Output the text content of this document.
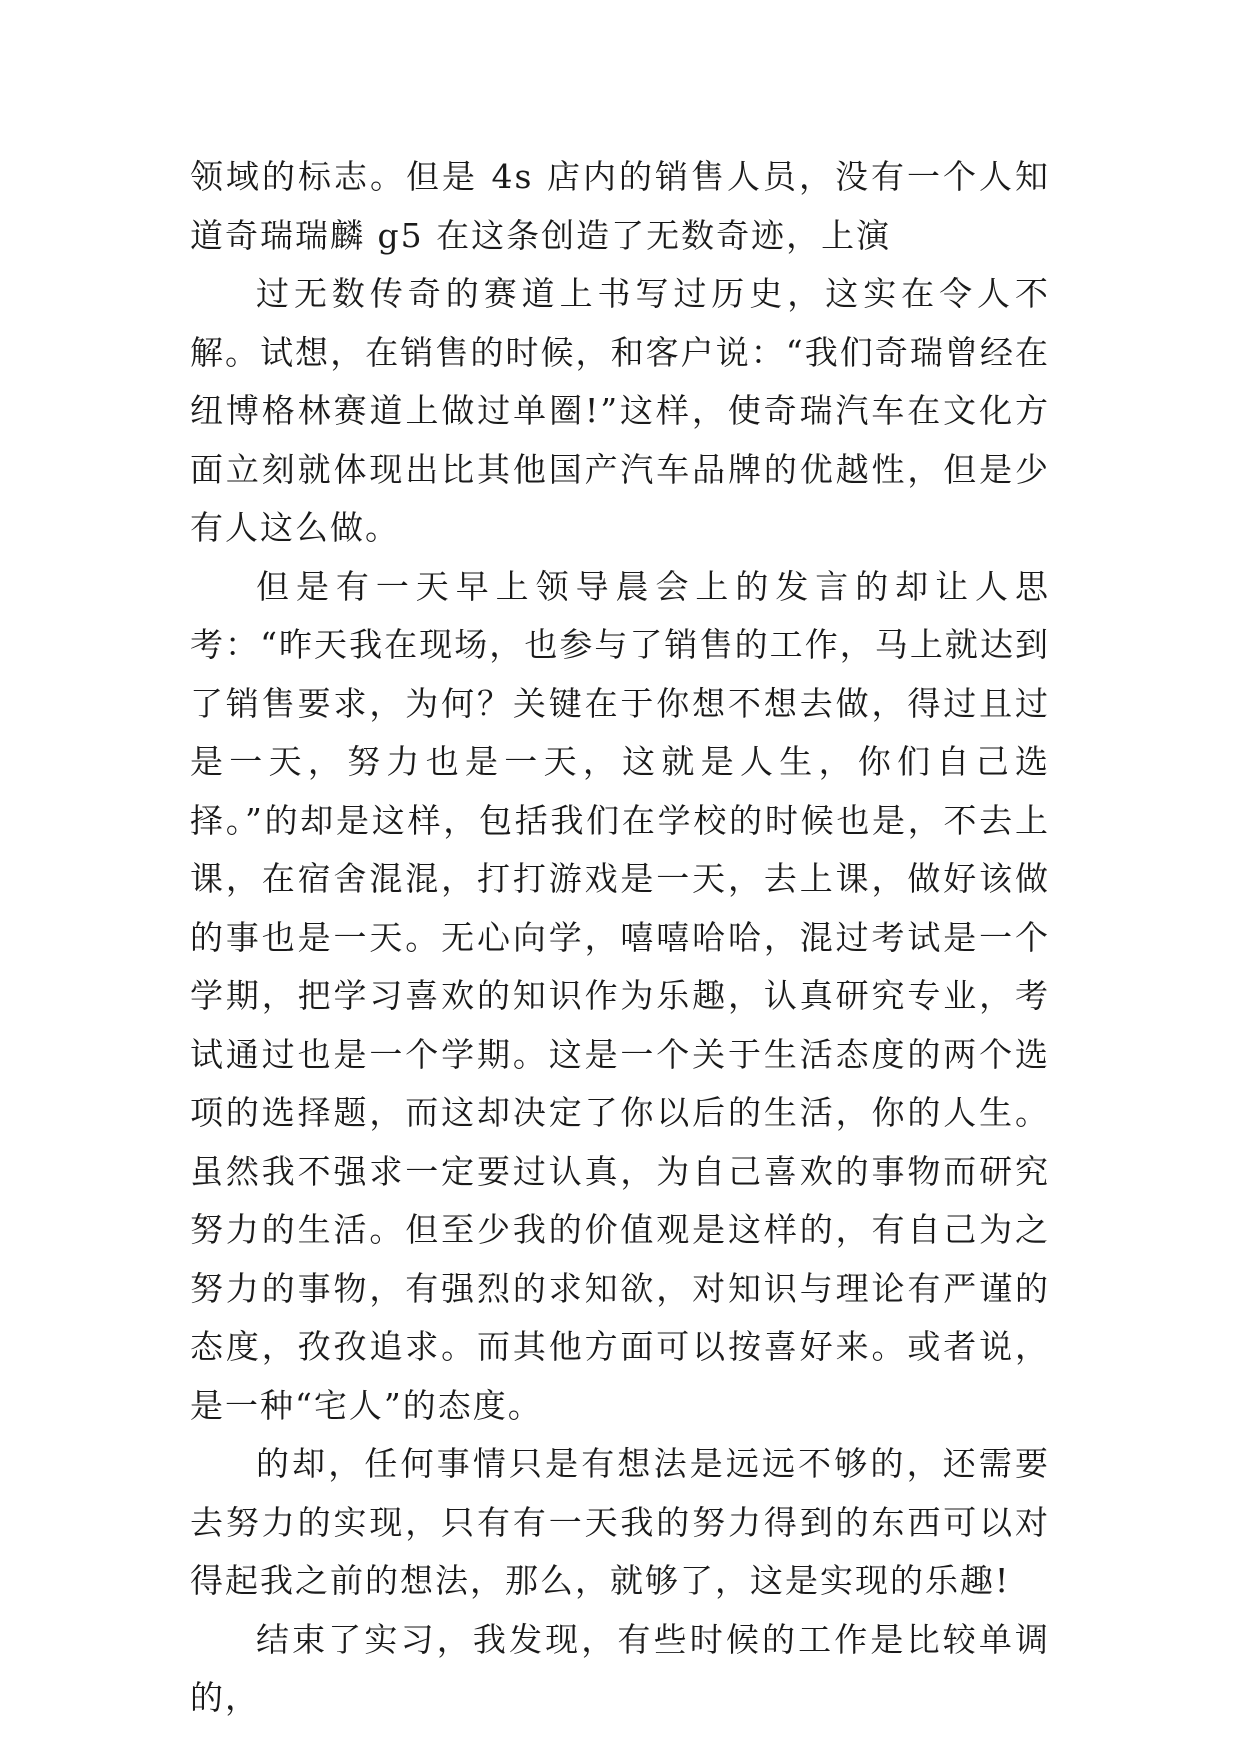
领域的标志。但是 4s 店内的销售人员，没有一个人知道奇瑞瑞麟 g5 在这条创造了无数奇迹，上演

过无数传奇的赛道上书写过历史，这实在令人不解。试想，在销售的时候，和客户说：“我们奇瑞曾经在纽博格林赛道上做过单圈!”这样，使奇瑞汽车在文化方面立刻就体现出比其他国产汽车品牌的优越性，但是少有人这么做。

但是有一天早上领导晨会上的发言的却让人思考：“昨天我在现场，也参与了销售的工作，马上就达到了销售要求，为何？关键在于你想不想去做，得过且过是一天，努力也是一天，这就是人生，你们自己选择。”的却是这样，包括我们在学校的时候也是，不去上课，在宿舍混混，打打游戏是一天，去上课，做好该做的事也是一天。无心向学，嘻嘻哈哈，混过考试是一个学期，把学习喜欢的知识作为乐趣，认真研究专业，考试通过也是一个学期。这是一个关于生活态度的两个选项的选择题，而这却决定了你以后的生活，你的人生。虽然我不强求一定要过认真，为自己喜欢的事物而研究努力的生活。但至少我的价值观是这样的，有自己为之努力的事物，有强烈的求知欲，对知识与理论有严谨的态度，孜孜追求。而其他方面可以按喜好来。或者说，是一种“宅人”的态度。

的却，任何事情只是有想法是远远不够的，还需要去努力的实现，只有有一天我的努力得到的东西可以对得起我之前的想法，那么，就够了，这是实现的乐趣!

结束了实习，我发现，有些时候的工作是比较单调的，
